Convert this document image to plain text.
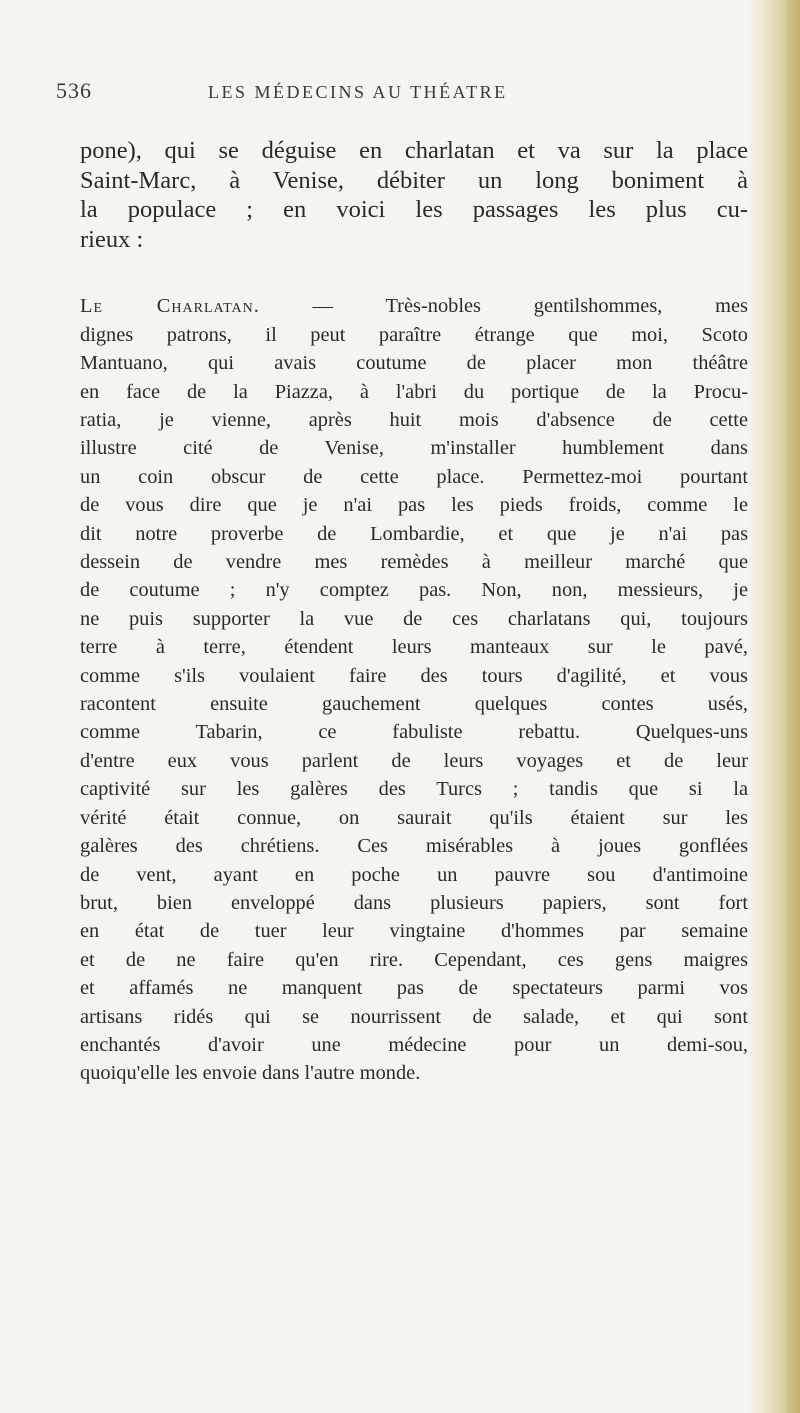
536	LES MÉDECINS AU THÉATRE
pone), qui se déguise en charlatan et va sur la place
Saint-Marc, à Venise, débiter un long boniment à
la populace ; en voici les passages les plus cu-
rieux :
Le Charlatan. — Très-nobles gentilshommes, mes
dignes patrons, il peut paraître étrange que moi, Scoto
Mantuano, qui avais coutume de placer mon théâtre
en face de la Piazza, à l'abri du portique de la Procu-
ratia, je vienne, après huit mois d'absence de cette
illustre cité de Venise, m'installer humblement dans
un coin obscur de cette place. Permettez-moi pourtant
de vous dire que je n'ai pas les pieds froids, comme le
dit notre proverbe de Lombardie, et que je n'ai pas
dessein de vendre mes remèdes à meilleur marché que
de coutume ; n'y comptez pas. Non, non, messieurs, je
ne puis supporter la vue de ces charlatans qui, toujours
terre à terre, étendent leurs manteaux sur le pavé,
comme s'ils voulaient faire des tours d'agilité, et vous
racontent ensuite gauchement quelques contes usés,
comme Tabarin, ce fabuliste rebattu. Quelques-uns
d'entre eux vous parlent de leurs voyages et de leur
captivité sur les galères des Turcs ; tandis que si la
vérité était connue, on saurait qu'ils étaient sur les
galères des chrétiens. Ces misérables à joues gonflées
de vent, ayant en poche un pauvre sou d'antimoine
brut, bien enveloppé dans plusieurs papiers, sont fort
en état de tuer leur vingtaine d'hommes par semaine
et de ne faire qu'en rire. Cependant, ces gens maigres
et affamés ne manquent pas de spectateurs parmi vos
artisans ridés qui se nourrissent de salade, et qui sont
enchantés d'avoir une médecine pour un demi-sou,
quoiqu'elle les envoie dans l'autre monde.
